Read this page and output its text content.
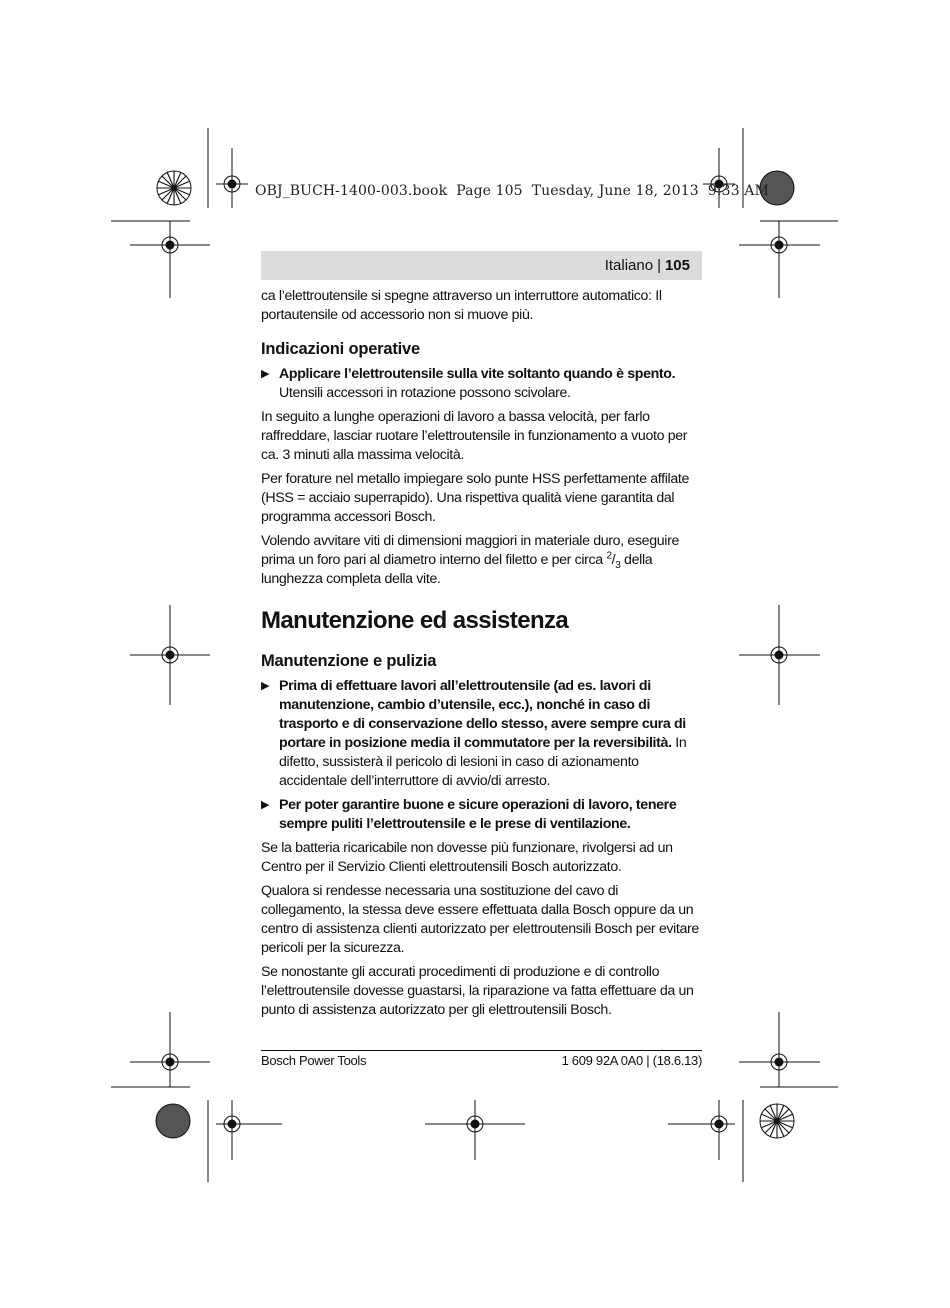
OBJ_BUCH-1400-003.book Page 105 Tuesday, June 18, 2013 9:33 AM
Italiano | 105

ca l’elettroutensile si spegne attraverso un interruttore automatico: Il portautensile od accessorio non si muove più.

Indicazioni operative
▶ Applicare l’elettroutensile sulla vite soltanto quando è spento.
Utensili accessori in rotazione possono scivolare.

In seguito a lunghe operazioni di lavoro a bassa velocità, per farlo raffreddare, lasciar ruotare l’elettroutensile in funzionamento a vuoto per ca. 3 minuti alla massima velocità.

Per forature nel metallo impiegare solo punte HSS perfettamente affilate (HSS = acciaio superrapido). Una rispettiva qualità viene garantita dal programma accessori Bosch.

Volendo avvitare viti di dimensioni maggiori in materiale duro, eseguire prima un foro pari al diametro interno del filetto e per circa $^2/_3$ della lunghezza completa della vite.

Manutenzione ed assistenza
Manutenzione e pulizia
▶ Prima di effettuare lavori all’elettroutensile (ad es. lavori di manutenzione, cambio d’utensile, ecc.), nonché in caso di trasporto e di conservazione dello stesso, avere sempre cura di portare in posizione media il commutatore per la reversibilità. In difetto, sussisterà il pericolo di lesioni in caso di azionamento accidentale dell’interruttore di avvio/di arresto.
▶ Per poter garantire buone e sicure operazioni di lavoro, tenere sempre puliti l’elettroutensile e le prese di ventilazione.

Se la batteria ricaricabile non dovesse più funzionare, rivolgersi ad un Centro per il Servizio Clienti elettroutensili Bosch autorizzato.

Qualora si rendesse necessaria una sostituzione del cavo di collegamento, la stessa deve essere effettuata dalla Bosch oppure da un centro di assistenza clienti autorizzato per elettroutensili Bosch per evitare pericoli per la sicurezza.

Se nonostante gli accurati procedimenti di produzione e di controllo l’elettroutensile dovesse guastarsi, la riparazione va fatta effettuare da un punto di assistenza autorizzato per gli elettroutensili Bosch.

Bosch Power Tools	1 609 92A 0A0 | (18.6.13)
